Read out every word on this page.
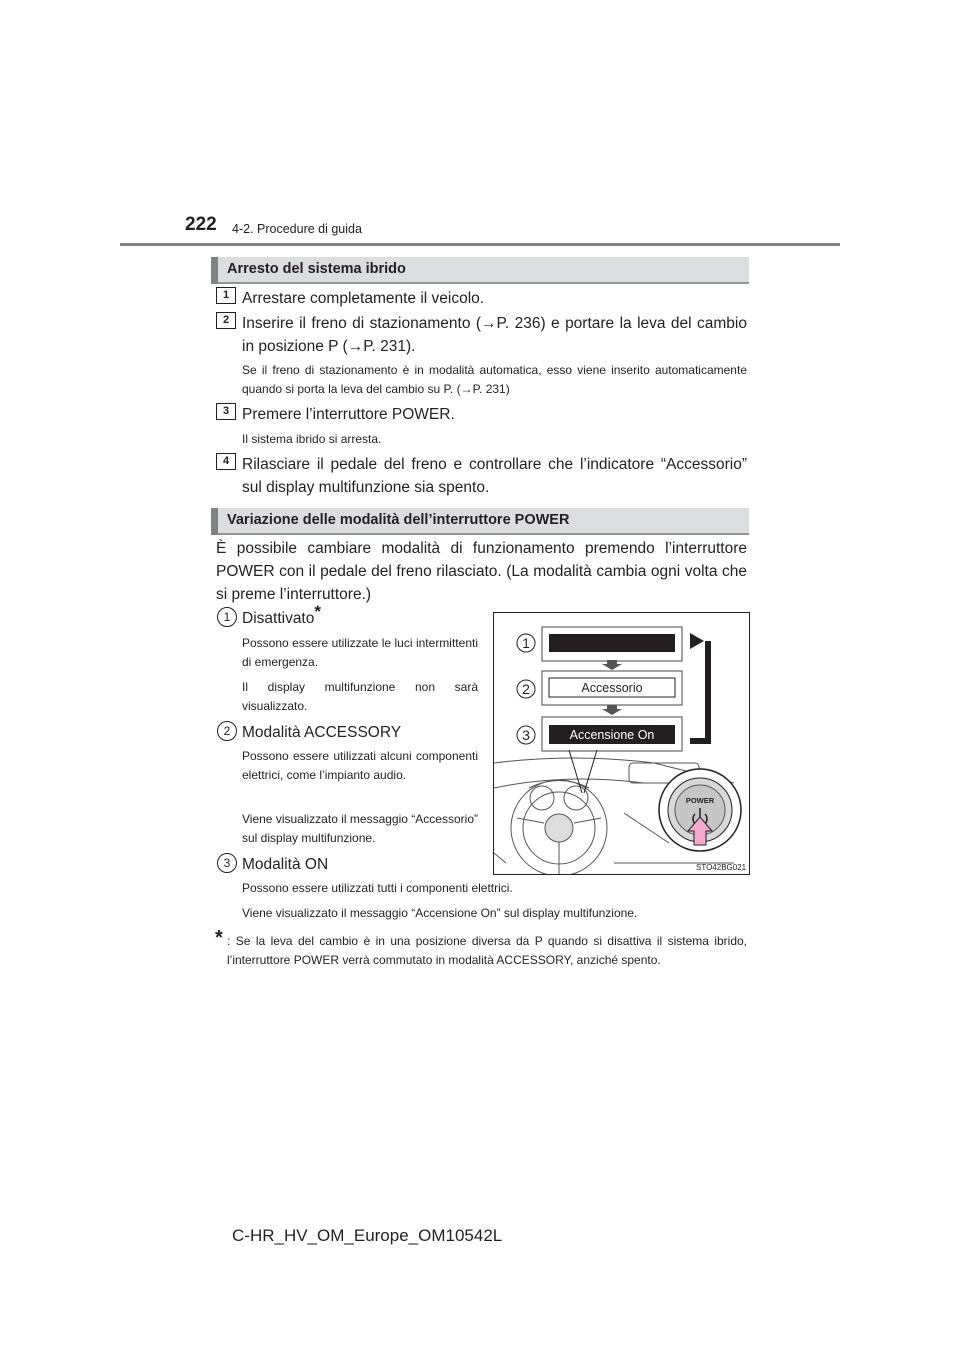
222 4-2. Procedure di guida
Arresto del sistema ibrido
1 Arrestare completamente il veicolo.
2 Inserire il freno di stazionamento (→P. 236) e portare la leva del cambio in posizione P (→P. 231).
Se il freno di stazionamento è in modalità automatica, esso viene inserito automaticamente quando si porta la leva del cambio su P. (→P. 231)
3 Premere l’interruttore POWER.
Il sistema ibrido si arresta.
4 Rilasciare il pedale del freno e controllare che l’indicatore “Accessorio” sul display multifunzione sia spento.
Variazione delle modalità dell’interruttore POWER
È possibile cambiare modalità di funzionamento premendo l’interruttore POWER con il pedale del freno rilasciato. (La modalità cambia ogni volta che si preme l’interruttore.)
1 Disattivato*
Possono essere utilizzate le luci intermittenti di emergenza.
Il display multifunzione non sarà visualizzato.
2 Modalità ACCESSORY
Possono essere utilizzati alcuni componenti elettrici, come l’impianto audio.
Viene visualizzato il messaggio “Accessorio” sul display multifunzione.
3 Modalità ON
Possono essere utilizzati tutti i componenti elettrici.
Viene visualizzato il messaggio “Accensione On” sul display multifunzione.
Accessorio
Accensione On
1
2
3
POWER
STO42BG021
* : Se la leva del cambio è in una posizione diversa da P quando si disattiva il sistema ibrido, l’interruttore POWER verrà commutato in modalità ACCESSORY, anziché spento.
C-HR_HV_OM_Europe_OM10542L
